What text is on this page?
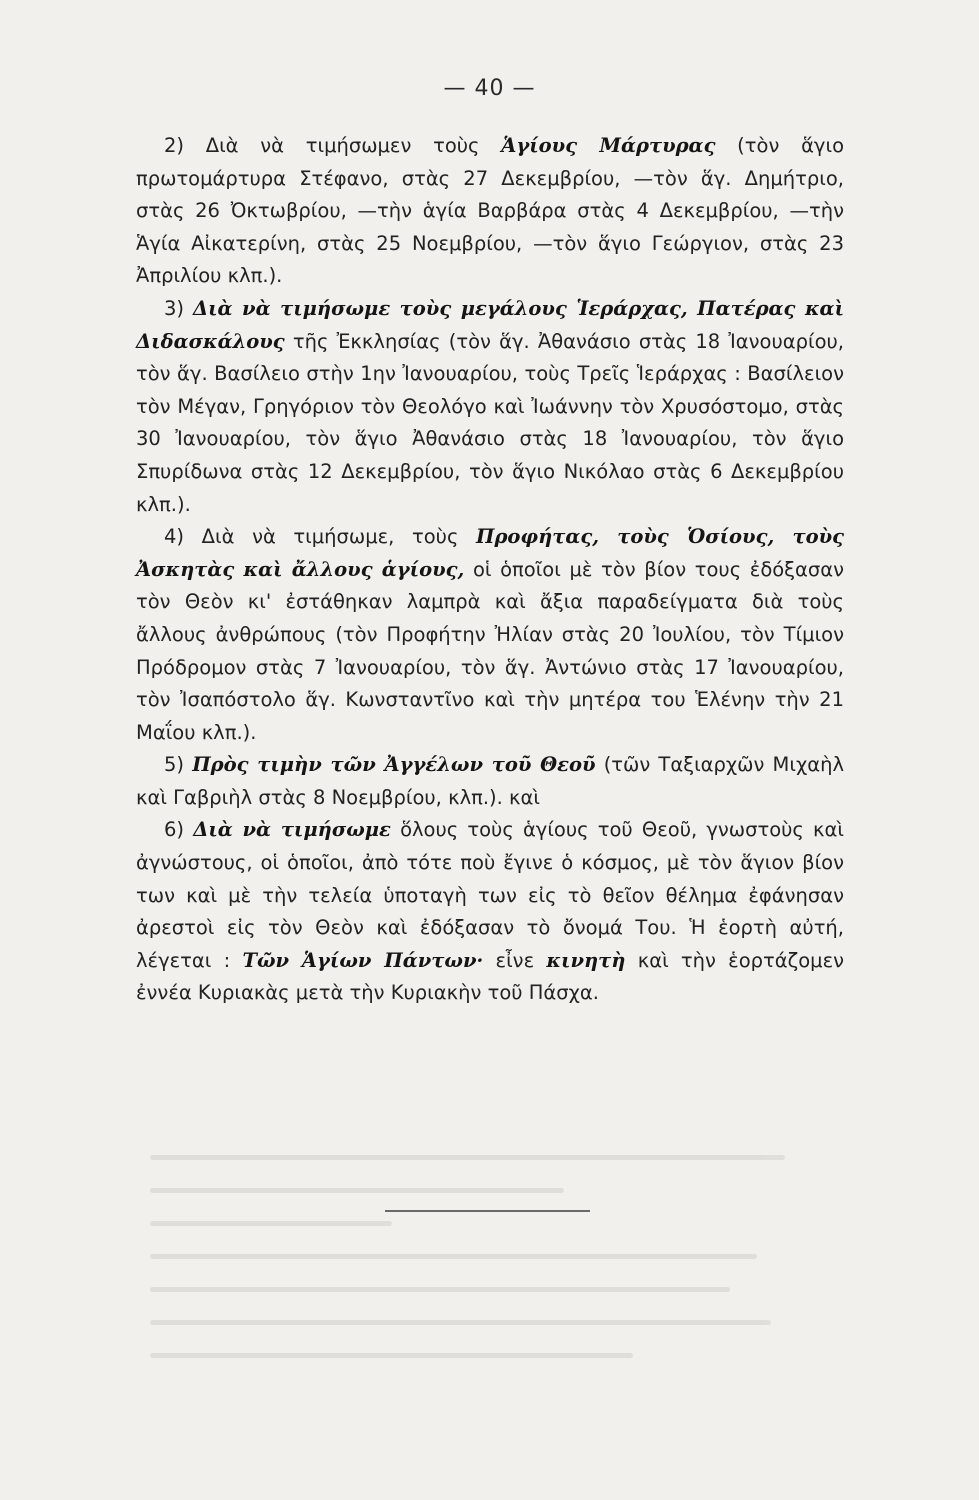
— 40 —

2) Διὰ νὰ τιμήσωμεν τοὺς Ἁγίους Μάρτυρας (τὸν ἅγιο πρωτομάρτυρα Στέφανο, στὰς 27 Δεκεμβρίου, —τὸν ἅγ. Δημήτριο, στὰς 26 Ὀκτωβρίου, —τὴν ἁγία Βαρβάρα στὰς 4 Δεκεμβρίου, —τὴν Ἁγία Αἰκατερίνη, στὰς 25 Νοεμβρίου, —τὸν ἅγιο Γεώργιον, στὰς 23 Ἀπριλίου κλπ.).

3) Διὰ νὰ τιμήσωμε τοὺς μεγάλους Ἱεράρχας, Πατέρας καὶ Διδασκάλους τῆς Ἐκκλησίας (τὸν ἅγ. Ἀθανάσιο στὰς 18 Ἰανουαρίου, τὸν ἅγ. Βασίλειο στὴν 1ην Ἰανουαρίου, τοὺς Τρεῖς Ἱεράρχας : Βασίλειον τὸν Μέγαν, Γρηγόριον τὸν Θεολόγο καὶ Ἰωάννην τὸν Χρυσόστομο, στὰς 30 Ἰανουαρίου, τὸν ἅγιο Ἀθανάσιο στὰς 18 Ἰανουαρίου, τὸν ἅγιο Σπυρίδωνα στὰς 12 Δεκεμβρίου, τὸν ἅγιο Νικόλαο στὰς 6 Δεκεμβρίου κλπ.).

4) Διὰ νὰ τιμήσωμε, τοὺς Προφήτας, τοὺς Ὁσίους, τοὺς Ἀσκητὰς καὶ ἄλλους ἁγίους, οἱ ὁποῖοι μὲ τὸν βίον τους ἐδόξασαν τὸν Θεὸν κι' ἐστάθηκαν λαμπρὰ καὶ ἄξια παραδείγματα διὰ τοὺς ἄλλους ἀνθρώπους (τὸν Προφήτην Ἠλίαν στὰς 20 Ἰουλίου, τὸν Τίμιον Πρόδρομον στὰς 7 Ἰανουαρίου, τὸν ἅγ. Ἀντώνιο στὰς 17 Ἰανουαρίου, τὸν Ἰσαπόστολο ἅγ. Κωνσταντῖνο καὶ τὴν μητέρα του Ἑλένην τὴν 21 Μαΐου κλπ.).

5) Πρὸς τιμὴν τῶν Ἀγγέλων τοῦ Θεοῦ (τῶν Ταξιαρχῶν Μιχαὴλ καὶ Γαβριὴλ στὰς 8 Νοεμβρίου, κλπ.). καὶ

6) Διὰ νὰ τιμήσωμε ὅλους τοὺς ἁγίους τοῦ Θεοῦ, γνωστοὺς καὶ ἀγνώστους, οἱ ὁποῖοι, ἀπὸ τότε ποὺ ἔγινε ὁ κόσμος, μὲ τὸν ἅγιον βίον των καὶ μὲ τὴν τελεία ὑποταγὴ των εἰς τὸ θεῖον θέλημα ἐφάνησαν ἀρεστοὶ εἰς τὸν Θεὸν καὶ ἐδόξασαν τὸ ὄνομά Του. Ἡ ἑορτὴ αὐτή, λέγεται : Τῶν Ἁγίων Πάντων· εἶνε κινητὴ καὶ τὴν ἑορτάζομεν ἐννέα Κυριακὰς μετὰ τὴν Κυριακὴν τοῦ Πάσχα.
